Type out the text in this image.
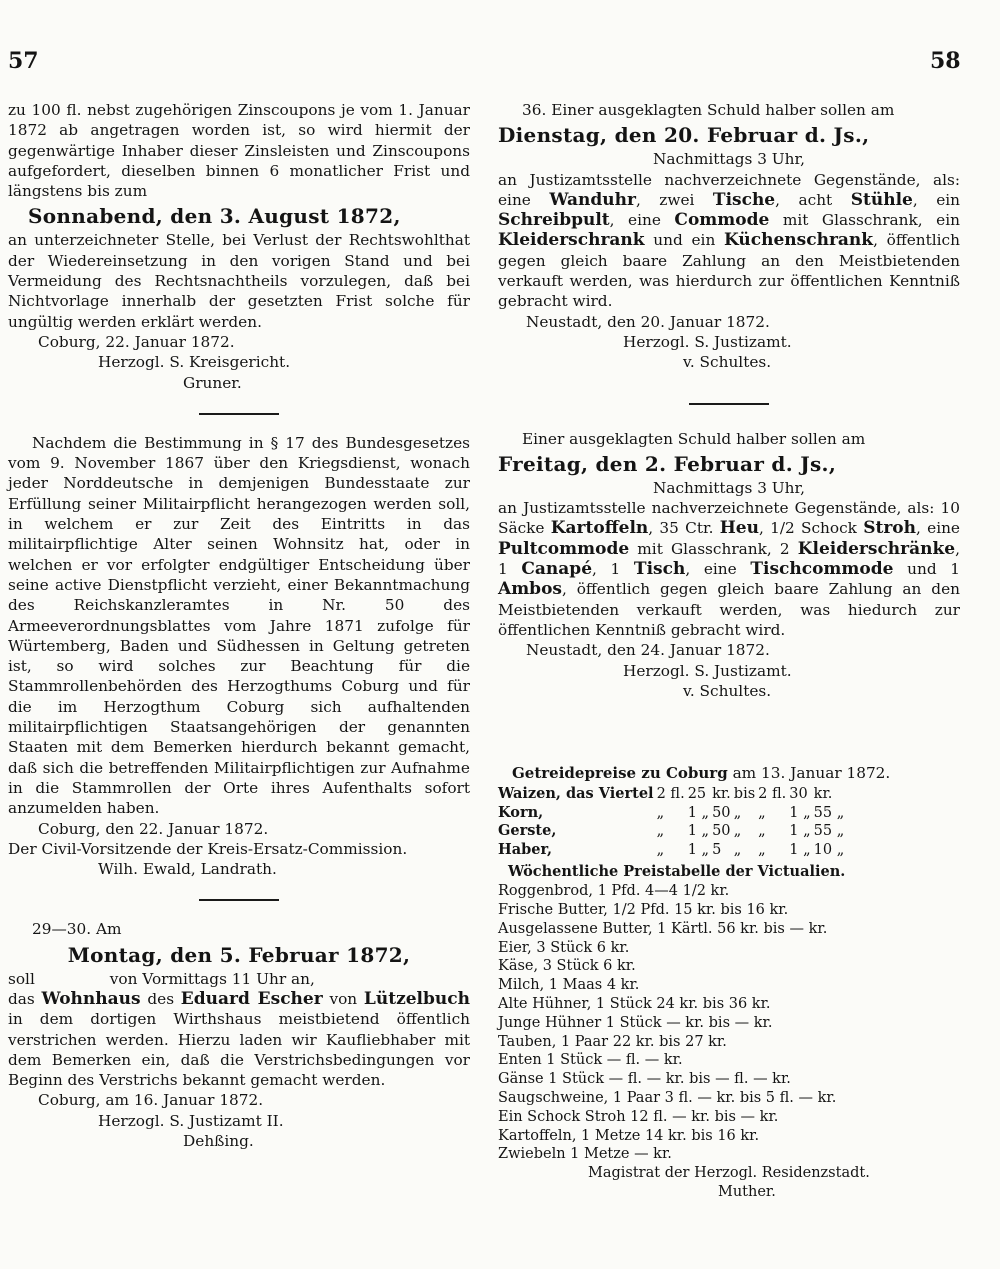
57	58

zu 100 fl. nebst zugehörigen Zinscoupons je vom 1. Januar 1872 ab angetragen worden ist, so wird hiermit der gegenwärtige Inhaber dieser Zinsleisten und Zinscoupons aufgefordert, dieselben binnen 6 monatlicher Frist und längstens bis zum

Sonnabend, den 3. August 1872,

an unterzeichneter Stelle, bei Verlust der Rechtswohlthat der Wiedereinsetzung in den vorigen Stand und bei Vermeidung des Rechtsnachtheils vorzulegen, daß bei Nichtvorlage innerhalb der gesetzten Frist solche für ungültig werden erklärt werden.

Coburg, 22. Januar 1872.

Herzogl. S. Kreisgericht.

Gruner.

Nachdem die Bestimmung in § 17 des Bundesgesetzes vom 9. November 1867 über den Kriegsdienst, wonach jeder Norddeutsche in demjenigen Bundesstaate zur Erfüllung seiner Militairpflicht herangezogen werden soll, in welchem er zur Zeit des Eintritts in das militairpflichtige Alter seinen Wohnsitz hat, oder in welchen er vor erfolgter endgültiger Entscheidung über seine active Dienstpflicht verzieht, einer Bekanntmachung des Reichskanzleramtes in Nr. 50 des Armeeverordnungsblattes vom Jahre 1871 zufolge für Würtemberg, Baden und Südhessen in Geltung getreten ist, so wird solches zur Beachtung für die Stammrollenbehörden des Herzogthums Coburg und für die im Herzogthum Coburg sich aufhaltenden militairpflichtigen Staatsangehörigen der genannten Staaten mit dem Bemerken hierdurch bekannt gemacht, daß sich die betreffenden Militairpflichtigen zur Aufnahme in die Stammrollen der Orte ihres Aufenthalts sofort anzumelden haben.

Coburg, den 22. Januar 1872.

Der Civil-Vorsitzende der Kreis-Ersatz-Commission.

Wilh. Ewald, Landrath.

29—30. Am

Montag, den 5. Februar 1872,

soll	von Vormittags 11 Uhr an,

das Wohnhaus des Eduard Escher von Lützelbuch in dem dortigen Wirthshaus meistbietend öffentlich verstrichen werden. Hierzu laden wir Kaufliebhaber mit dem Bemerken ein, daß die Verstrichsbedingungen vor Beginn des Verstrichs bekannt gemacht werden.

Coburg, am 16. Januar 1872.

Herzogl. S. Justizamt II.

Dehßing.

36. Einer ausgeklagten Schuld halber sollen am

Dienstag, den 20. Februar d. Js.,

Nachmittags 3 Uhr,

an Justizamtsstelle nachverzeichnete Gegenstände, als: eine Wanduhr, zwei Tische, acht Stühle, ein Schreibpult, eine Commode mit Glasschrank, ein Kleiderschrank und ein Küchenschrank, öffentlich gegen gleich baare Zahlung an den Meistbietenden verkauft werden, was hierdurch zur öffentlichen Kenntniß gebracht wird.

Neustadt, den 20. Januar 1872.

Herzogl. S. Justizamt.

v. Schultes.

Einer ausgeklagten Schuld halber sollen am

Freitag, den 2. Februar d. Js.,

Nachmittags 3 Uhr,

an Justizamtsstelle nachverzeichnete Gegenstände, als: 10 Säcke Kartoffeln, 35 Ctr. Heu, 1/2 Schock Stroh, eine Pultcommode mit Glasschrank, 2 Kleiderschränke, 1 Canapé, 1 Tisch, eine Tischcommode und 1 Ambos, öffentlich gegen gleich baare Zahlung an den Meistbietenden verkauft werden, was hiedurch zur öffentlichen Kenntniß gebracht wird.

Neustadt, den 24. Januar 1872.

Herzogl. S. Justizamt.

v. Schultes.

Getreidepreise zu Coburg am 13. Januar 1872.

Waizen, das Viertel	2 fl.	25	kr.	bis	2 fl.	30	kr.
Korn,	„	1 „	50	„	„	1 „	55 „
Gerste,	„	1 „	50	„	„	1 „	55 „
Haber,	„	1 „	5	„	„	1 „	10 „

Wöchentliche Preistabelle der Victualien.

Roggenbrod, 1 Pfd. 4—4 1/2 kr.

Frische Butter, 1/2 Pfd. 15 kr. bis 16 kr.

Ausgelassene Butter, 1 Kärtl. 56 kr. bis — kr.

Eier, 3 Stück 6 kr.

Käse, 3 Stück 6 kr.

Milch, 1 Maas 4 kr.

Alte Hühner, 1 Stück 24 kr. bis 36 kr.

Junge Hühner 1 Stück — kr. bis — kr.

Tauben, 1 Paar 22 kr. bis 27 kr.

Enten 1 Stück — fl. — kr.

Gänse 1 Stück — fl. — kr. bis — fl. — kr.

Saugschweine, 1 Paar 3 fl. — kr. bis 5 fl. — kr.

Ein Schock Stroh 12 fl. — kr. bis — kr.

Kartoffeln, 1 Metze 14 kr. bis 16 kr.

Zwiebeln 1 Metze — kr.

Magistrat der Herzogl. Residenzstadt.

Muther.
